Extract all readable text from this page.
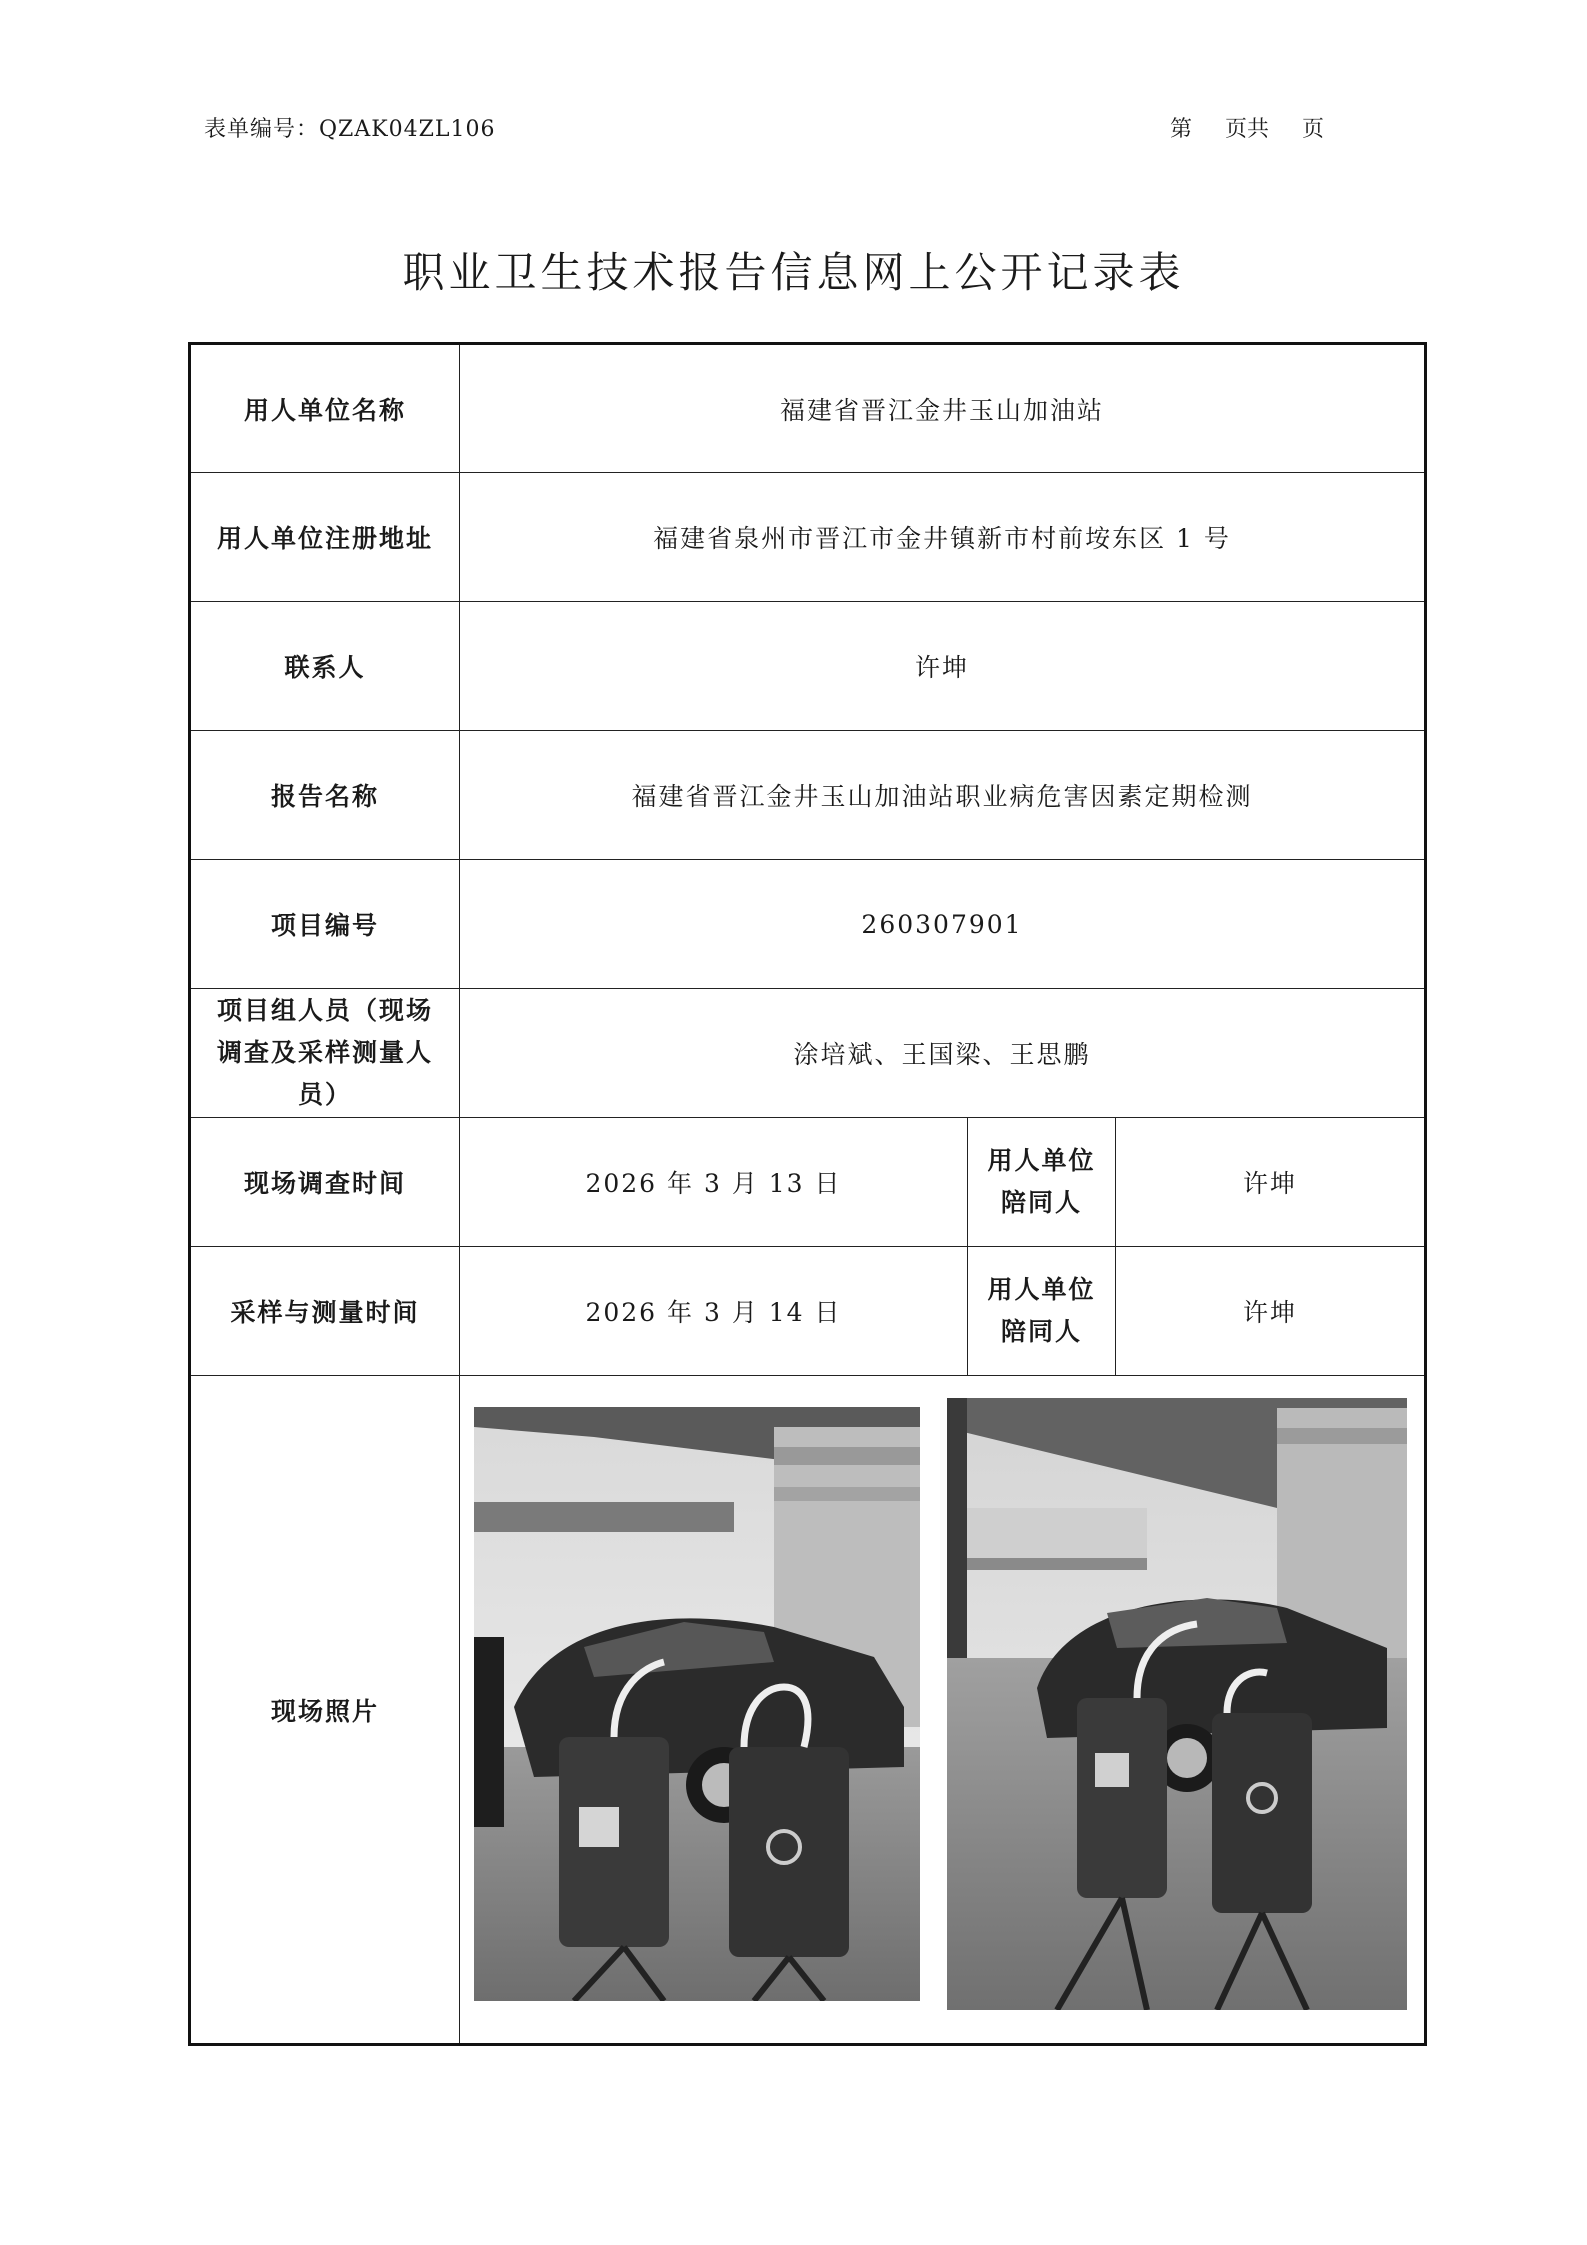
表单编号：QZAK04ZL106	第 页共 页
职业卫生技术报告信息网上公开记录表
用人单位名称	福建省晋江金井玉山加油站		
用人单位注册地址	福建省泉州市晋江市金井镇新市村前垵东区 1 号		
联系人	许坤		
报告名称	福建省晋江金井玉山加油站职业病危害因素定期检测		
项目编号	260307901		
项目组人员（现场调查及采样测量人员）	涂培斌、王国梁、王思鹏		
现场调查时间	2026 年 3 月 13 日	用人单位陪同人	许坤
采样与测量时间	2026 年 3 月 14 日	用人单位陪同人	许坤
现场照片			
